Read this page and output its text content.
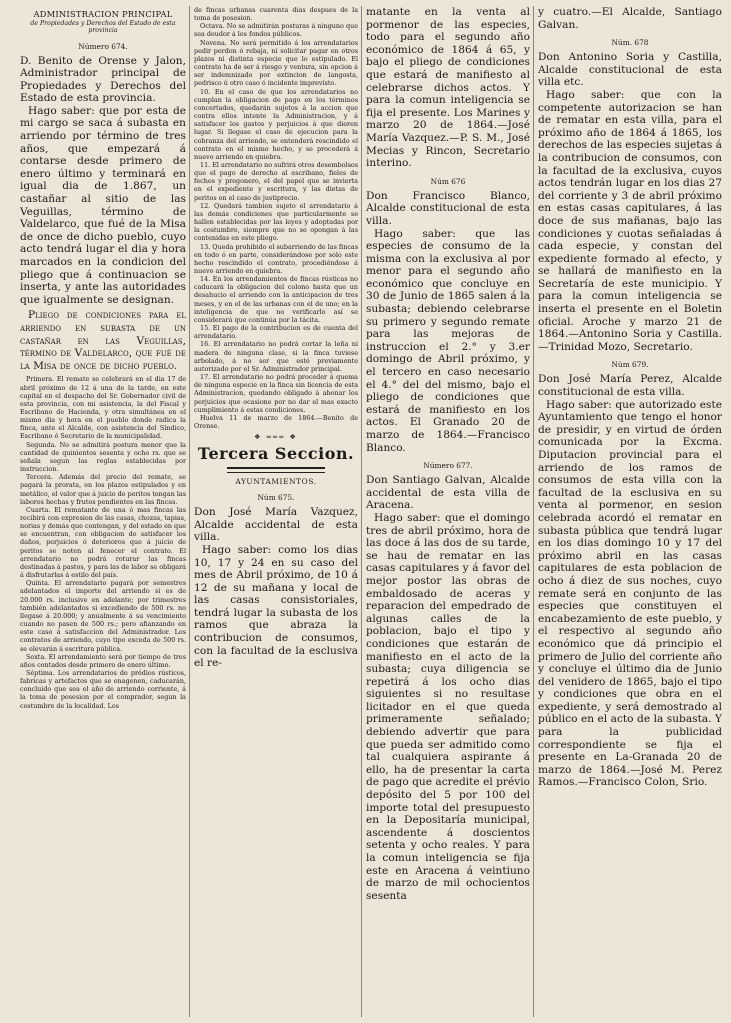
ADMINISTRACION PRINCIPAL
de Propiedades y Derechos del Estado de esta provincia
Número 674.

D. Benito de Orense y Jalon, Administrador principal de Propiedades y Derechos del Estado de esta provincia.

Hago saber: que por esta de mi cargo se saca á subasta en arriendo por término de tres años, que empezará á contarse desde primero de enero último y terminará en igual dia de 1.867, un castañar al sitio de las Veguillas, término de Valdelarco, que fué de la Misa de once de dicho pueblo, cuyo acto tendrá lugar el dia y hora marcados en la condicion del pliego que á continuacion se inserta, y ante las autoridades que igualmente se designan.

Pliego de condiciones para el arriendo en subasta de un castañar en las Veguillas, término de Valdelarco, que fué de la Misa de once de dicho pueblo.

Primera. El remate se celebrará en el dia 17 de abril próximo de 12 á una de la tarde, en este capital en el despacho del Sr. Gobernador civil de esta provincia, con mi asistencia, la del Fiscal y Escribano de Hacienda, y otra simultánea en el mismo dia y hora en el pueblo donde radica la finca, ante el Alcalde, con asistencia del Síndico, Escribano ó Secretario de la municipalidad.

Segunda. No se admitirá postura menor que la cantidad de quinientos sesenta y ocho rs. que se señala segun las reglas establecidas por instruccion.

Tercera. Además del precio del remate, se pagará la prorata, en los plazos estipulados y en metálico, el valor que á juicio de peritos tengan las labores hechas y frutos pendientes en las fincas.

Cuarta. El rematante de una ó mas fincas las recibirá con expresion de las casas, chozas, tapias, norias y demás que contengan, y del estado en que se encuentran, con obligacion de satisfacer los daños, perjuicios ó deterioros que á juicio de peritos se noten al fenecer el contrato. El arrendatario no podrá roturar las fincas destinadas á pastos, y para las de labor se obligará á disfrutarlas á estilo del país.

Quinta. El arrendatario pagará por semestres adelantados el importe del arriendo si es de 20.000 rs. inclusive en adelante; por trimestres también adelantados si excediendo de 500 rs. no llegase á 20.000; y anualmente á su vencimiento cuando no pasen de 500 rs.; pero afianzando en este caso á satisfaccion del Administrador. Los contratos de arriendo, cuyo tipo exceda de 500 rs. se elevarán á escritura pública.

Sexta. El arrendamiento será por tiempo de tres años contados desde primero de enero último.

Séptima. Los arrendatarios de prédios rústicos, fabricas y artefactos que se enagenen, caducarán, concluido que sea el año de arriendo corriente, á la toma de posesion por el comprador, segun la costumbre de la localidad. Los

de fincas urbanas cuarenta dias despues de la toma de posesion.

Octava. No se admitirán posturas á ninguno que sea deudor á los fondos públicos.

Novena. No será permitido á los arrendatarios pedir perdon ó rebaja, ni solicitar pagar en otros plazos ni distinta especie que lo estipulado. El contrato ha de ser á riesgo y ventura, sin opcion á ser indemnizado por extincion de langosta, pedrisco ú otro caso ó incidente imprevisto.

10. En el caso de que los arrendatarios no cumplan la obligacion de pago en los términos concertados, quedarán sujetos á la accion que contra ellos intente la Administracion, y á satisfacer los gastos y perjuicios á que dieren lugar. Si llegase el caso de ejecucion para la cobranza del arriendo, se entenderá rescindido el contrato en el mismo hecho, y se procederá á nuevo arriendo en quiebra.

11. El arrendatario no sufrirá otros desembolsos que el pago de derecho al escribano, fieles de fechos y pregonero, el del papel que se invierta en el expediente y escritura, y las dietas de peritos en el caso de justiprecio.

12. Quedará tambien sujeto el arrendatario á las demás condiciones que particularmente se hallen establecidas por las leyes y adoptadas por la costumbre, siempre que no se opongan á las contenidas en este pliego.

13. Queda prohibido el subarriendo de las fincas en todo ó en parte, considerándose por solo este hecho rescindido el contrato, procediéndose á nuevo arriendo en quiebra.

14. En los arrendamientos de fincas rústicas no caducará la obligacion del colono hasta que un desahucio el arriendo con la anticipacion de tres meses, y en el de las urbanas con el de uno; en la inteligencia de que no verificarlo así se considerará que continúa por la tácita.

15. El pago de la contribucion es de cuenta del arrendatario.

16. El arrendatario no podrá cortar la leña ni madera de ninguna clase, si la finca tuviese arbolado, á no ser que esté previamente autorizado por el Sr. Administrador principal.

17. El arrendatario no podrá proceder á quema de ninguna especie en la finca sin licencia de esta Administracion, quedando obligado á abonar los perjuicios que ocasione por no dar el mas exacto cumplimiento á estas condiciones.

Huelva 11 de marzo de 1864.—Benito de Orense.

❖ ═══ ❖
Tercera Seccion.
AYUNTAMIENTOS.
Núm 675.

Don José María Vazquez, Alcalde accidental de esta villa.

Hago saber: como los dias 10, 17 y 24 en su caso del mes de Abril próximo, de 10 á 12 de su mañana y local de las casas consistoriales, tendrá lugar la subasta de los ramos que abraza la contribucion de consumos, con la facultad de la esclusiva el re-

matante en la venta al pormenor de las especies, todo para el segundo año económico de 1864 á 65, y bajo el pliego de condiciones que estará de manifiesto al celebrarse dichos actos. Y para la comun inteligencia se fija el presente. Los Marines y marzo 20 de 1864.—José María Vazquez.—P. S. M., José Mecias y Rincon, Secretario interino.

Núm 676

Don Francisco Blanco, Alcalde constitucional de esta villa.

Hago saber: que las especies de consumo de la misma con la exclusiva al por menor para el segundo año económico que concluye en 30 de Junio de 1865 salen á la subasta; debiendo celebrarse su primero y segundo remate para las mejoras de instruccion el 2.° y 3.er domingo de Abril próximo, y el tercero en caso necesario el 4.° del del mismo, bajo el pliego de condiciones que estará de manifiesto en los actos. El Granado 20 de marzo de 1864.—Francisco Blanco.

Número 677.

Don Santiago Galvan, Alcalde accidental de esta villa de Aracena.

Hago saber: que el domingo tres de abril próximo, hora de las doce á las dos de su tarde, se hau de rematar en las casas capitulares y á favor del mejor postor las obras de embaldosado de aceras y reparacion del empedrado de algunas calles de la poblacion, bajo el tipo y condiciones que estarán de manifiesto en el acto de la subasta; cuya diligencia se repetirá á los ocho dias siguientes si no resultase licitador en el que queda primeramente señalado; debiendo advertir que para que pueda ser admitido como tal cualquiera aspirante á ello, ha de presentar la carta de pago que acredite el prévio depósito del 5 por 100 del importe total del presupuesto en la Depositaría municipal, ascendente á doscientos setenta y ocho reales. Y para la comun inteligencia se fija este en Aracena á veintiuno de marzo de mil ochocientos sesenta

y cuatro.—El Alcalde, Santiago Galvan.

Núm. 678

Don Antonino Soria y Castilla, Alcalde constitucional de esta villa etc.

Hago saber: que con la competente autorizacion se han de rematar en esta villa, para el próximo año de 1864 á 1865, los derechos de las especies sujetas á la contribucion de consumos, con la facultad de la exclusiva, cuyos actos tendrán lugar en los dias 27 del corriente y 3 de abril próximo en estas casas capitulares, á las doce de sus mañanas, bajo las condiciones y cuotas señaladas á cada especie, y constan del expediente formado al efecto, y se hallará de manifiesto en la Secretaría de este municipio. Y para la comun inteligencia se inserta el presente en el Boletin oficial. Aroche y marzo 21 de 1864.—Antonino Soria y Castilla.—Trinidad Mozo, Secretario.

Núm 679.

Don José María Perez, Alcalde constitucional de esta villa.

Hago saber: que autorizado este Ayuntamiento que tengo el honor de presidir, y en virtud de órden comunicada por la Excma. Diputacion provincial para el arriendo de los ramos de consumos de esta villa con la facultad de la esclusiva en su venta al pormenor, en sesion celebrada acordó el rematar en subasta pública que tendrá lugar en los dias domingo 10 y 17 del próximo abril en las casas capitulares de esta poblacion de ocho á diez de sus noches, cuyo remate será en conjunto de las especies que constituyen el encabezamiento de este pueblo, y el respectivo al segundo año económico que dá principio el primero de Julio del corriente año y concluye el último dia de Junio del venidero de 1865, bajo el tipo y condiciones que obra en el expediente, y será demostrado al público en el acto de la subasta. Y para la publicidad correspondiente se fija el presente en La-Granada 20 de marzo de 1864.—José M. Perez Ramos.—Francisco Colon, Srio.
